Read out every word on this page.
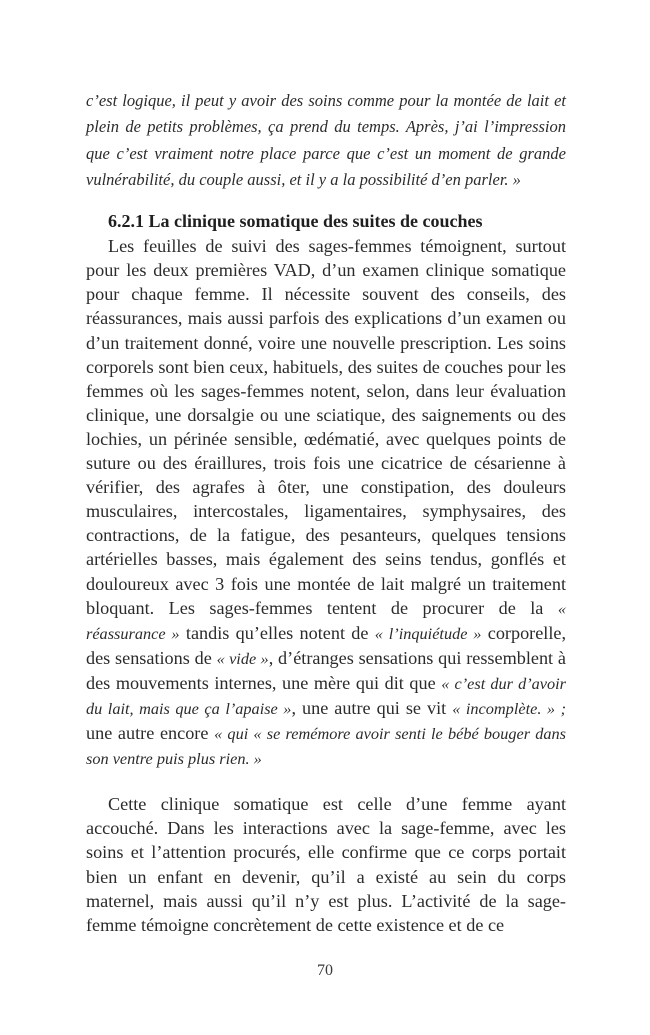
c’est logique, il peut y avoir des soins comme pour la montée de lait et plein de petits problèmes, ça prend du temps. Après, j’ai l’impression que c’est vraiment notre place parce que c’est un moment de grande vulnérabilité, du couple aussi, et il y a la possibilité d’en parler. »

6.2.1 La clinique somatique des suites de couches

Les feuilles de suivi des sages-femmes témoignent, surtout pour les deux premières VAD, d’un examen clinique somatique pour chaque femme. Il nécessite souvent des conseils, des réassurances, mais aussi parfois des explications d’un examen ou d’un traitement donné, voire une nouvelle prescription. Les soins corporels sont bien ceux, habituels, des suites de couches pour les femmes où les sages-femmes notent, selon, dans leur évaluation clinique, une dorsalgie ou une sciatique, des saignements ou des lochies, un périnée sensible, œdématié, avec quelques points de suture ou des éraillures, trois fois une cicatrice de césarienne à vérifier, des agrafes à ôter, une constipation, des douleurs musculaires, intercostales, ligamentaires, symphysaires, des contractions, de la fatigue, des pesanteurs, quelques tensions artérielles basses, mais également des seins tendus, gonflés et douloureux avec 3 fois une montée de lait malgré un traitement bloquant. Les sages-femmes tentent de procurer de la « réassurance » tandis qu’elles notent de « l’inquiétude » corporelle, des sensations de « vide », d’étranges sensations qui ressemblent à des mouvements internes, une mère qui dit que « c’est dur d’avoir du lait, mais que ça l’apaise », une autre qui se vit « incomplète. » ; une autre encore « qui « se remémore avoir senti le bébé bouger dans son ventre puis plus rien. »

Cette clinique somatique est celle d’une femme ayant accouché. Dans les interactions avec la sage-femme, avec les soins et l’attention procurés, elle confirme que ce corps portait bien un enfant en devenir, qu’il a existé au sein du corps maternel, mais aussi qu’il n’y est plus. L’activité de la sage-femme témoigne concrètement de cette existence et de ce

70
